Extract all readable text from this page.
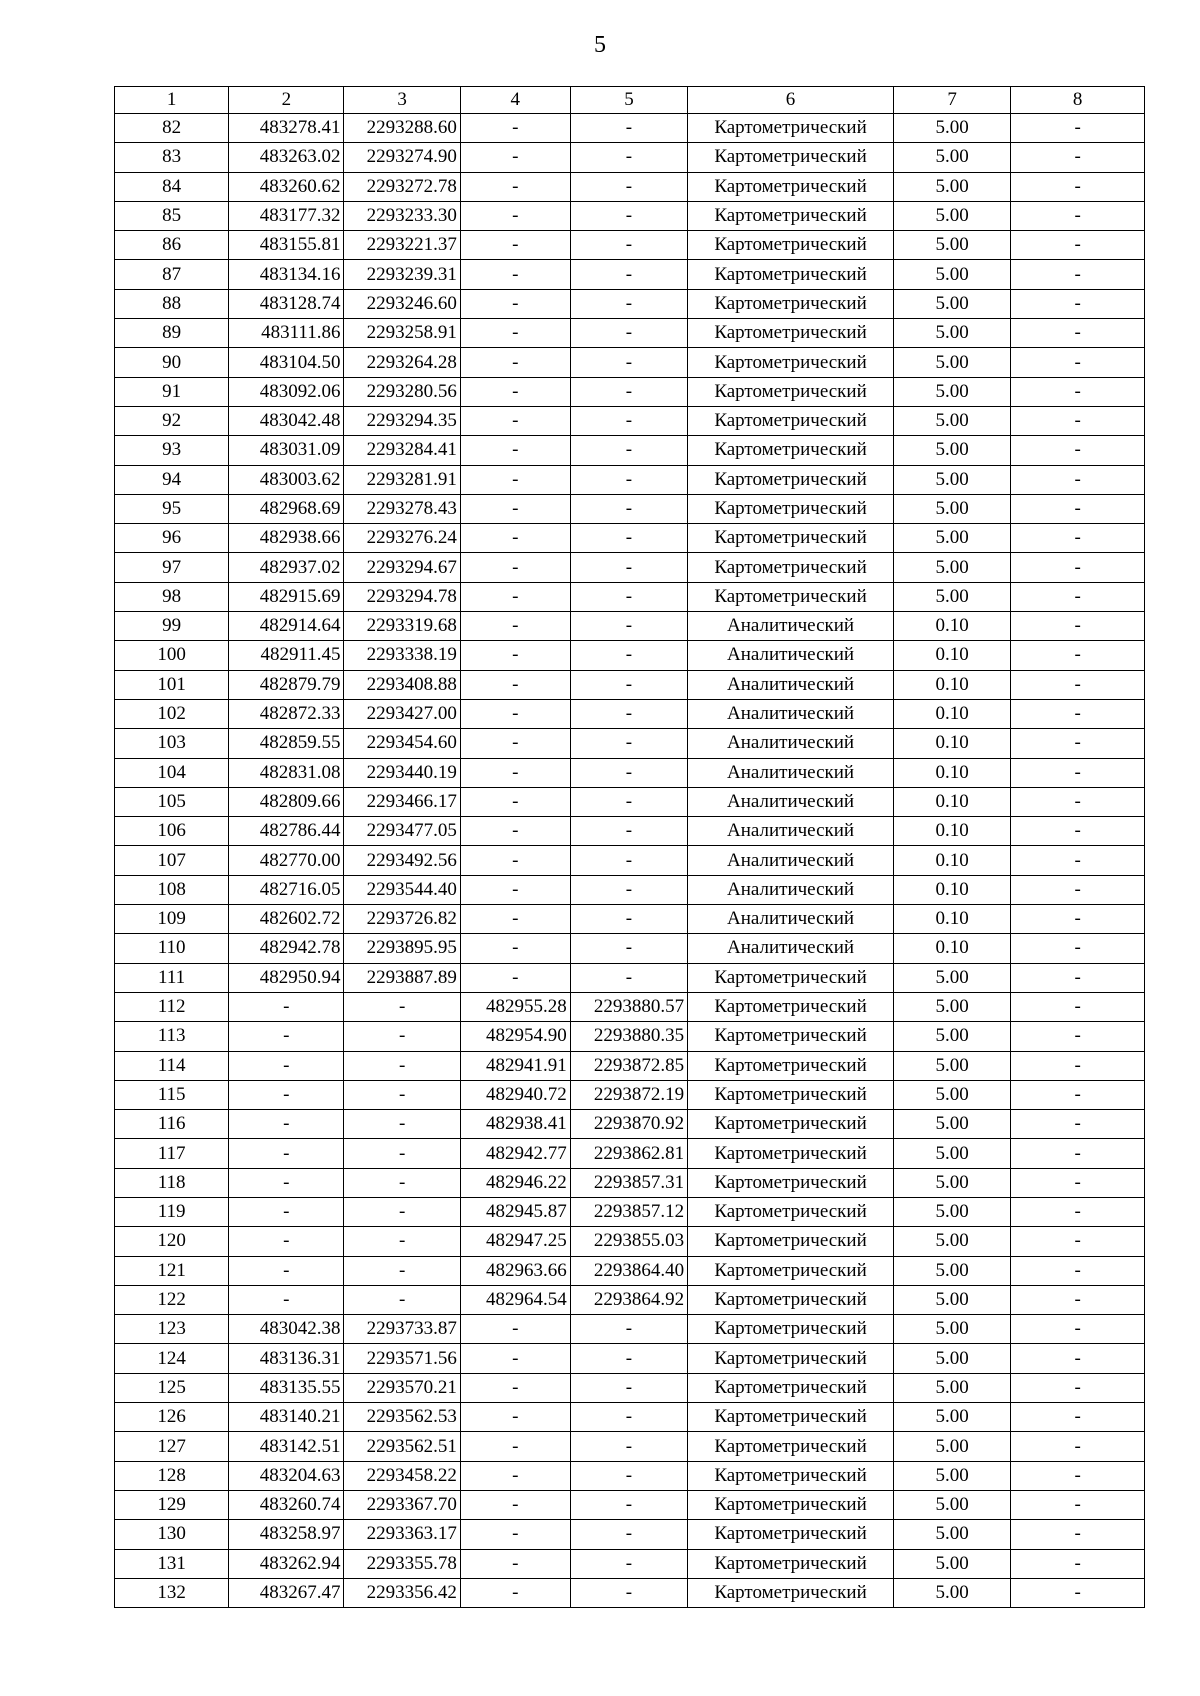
5
1	2	3	4	5	6	7	8
82	483278.41	2293288.60	-	-	Картометрический	5.00	-
83	483263.02	2293274.90	-	-	Картометрический	5.00	-
84	483260.62	2293272.78	-	-	Картометрический	5.00	-
85	483177.32	2293233.30	-	-	Картометрический	5.00	-
86	483155.81	2293221.37	-	-	Картометрический	5.00	-
87	483134.16	2293239.31	-	-	Картометрический	5.00	-
88	483128.74	2293246.60	-	-	Картометрический	5.00	-
89	483111.86	2293258.91	-	-	Картометрический	5.00	-
90	483104.50	2293264.28	-	-	Картометрический	5.00	-
91	483092.06	2293280.56	-	-	Картометрический	5.00	-
92	483042.48	2293294.35	-	-	Картометрический	5.00	-
93	483031.09	2293284.41	-	-	Картометрический	5.00	-
94	483003.62	2293281.91	-	-	Картометрический	5.00	-
95	482968.69	2293278.43	-	-	Картометрический	5.00	-
96	482938.66	2293276.24	-	-	Картометрический	5.00	-
97	482937.02	2293294.67	-	-	Картометрический	5.00	-
98	482915.69	2293294.78	-	-	Картометрический	5.00	-
99	482914.64	2293319.68	-	-	Аналитический	0.10	-
100	482911.45	2293338.19	-	-	Аналитический	0.10	-
101	482879.79	2293408.88	-	-	Аналитический	0.10	-
102	482872.33	2293427.00	-	-	Аналитический	0.10	-
103	482859.55	2293454.60	-	-	Аналитический	0.10	-
104	482831.08	2293440.19	-	-	Аналитический	0.10	-
105	482809.66	2293466.17	-	-	Аналитический	0.10	-
106	482786.44	2293477.05	-	-	Аналитический	0.10	-
107	482770.00	2293492.56	-	-	Аналитический	0.10	-
108	482716.05	2293544.40	-	-	Аналитический	0.10	-
109	482602.72	2293726.82	-	-	Аналитический	0.10	-
110	482942.78	2293895.95	-	-	Аналитический	0.10	-
111	482950.94	2293887.89	-	-	Картометрический	5.00	-
112	-	-	482955.28	2293880.57	Картометрический	5.00	-
113	-	-	482954.90	2293880.35	Картометрический	5.00	-
114	-	-	482941.91	2293872.85	Картометрический	5.00	-
115	-	-	482940.72	2293872.19	Картометрический	5.00	-
116	-	-	482938.41	2293870.92	Картометрический	5.00	-
117	-	-	482942.77	2293862.81	Картометрический	5.00	-
118	-	-	482946.22	2293857.31	Картометрический	5.00	-
119	-	-	482945.87	2293857.12	Картометрический	5.00	-
120	-	-	482947.25	2293855.03	Картометрический	5.00	-
121	-	-	482963.66	2293864.40	Картометрический	5.00	-
122	-	-	482964.54	2293864.92	Картометрический	5.00	-
123	483042.38	2293733.87	-	-	Картометрический	5.00	-
124	483136.31	2293571.56	-	-	Картометрический	5.00	-
125	483135.55	2293570.21	-	-	Картометрический	5.00	-
126	483140.21	2293562.53	-	-	Картометрический	5.00	-
127	483142.51	2293562.51	-	-	Картометрический	5.00	-
128	483204.63	2293458.22	-	-	Картометрический	5.00	-
129	483260.74	2293367.70	-	-	Картометрический	5.00	-
130	483258.97	2293363.17	-	-	Картометрический	5.00	-
131	483262.94	2293355.78	-	-	Картометрический	5.00	-
132	483267.47	2293356.42	-	-	Картометрический	5.00	-
